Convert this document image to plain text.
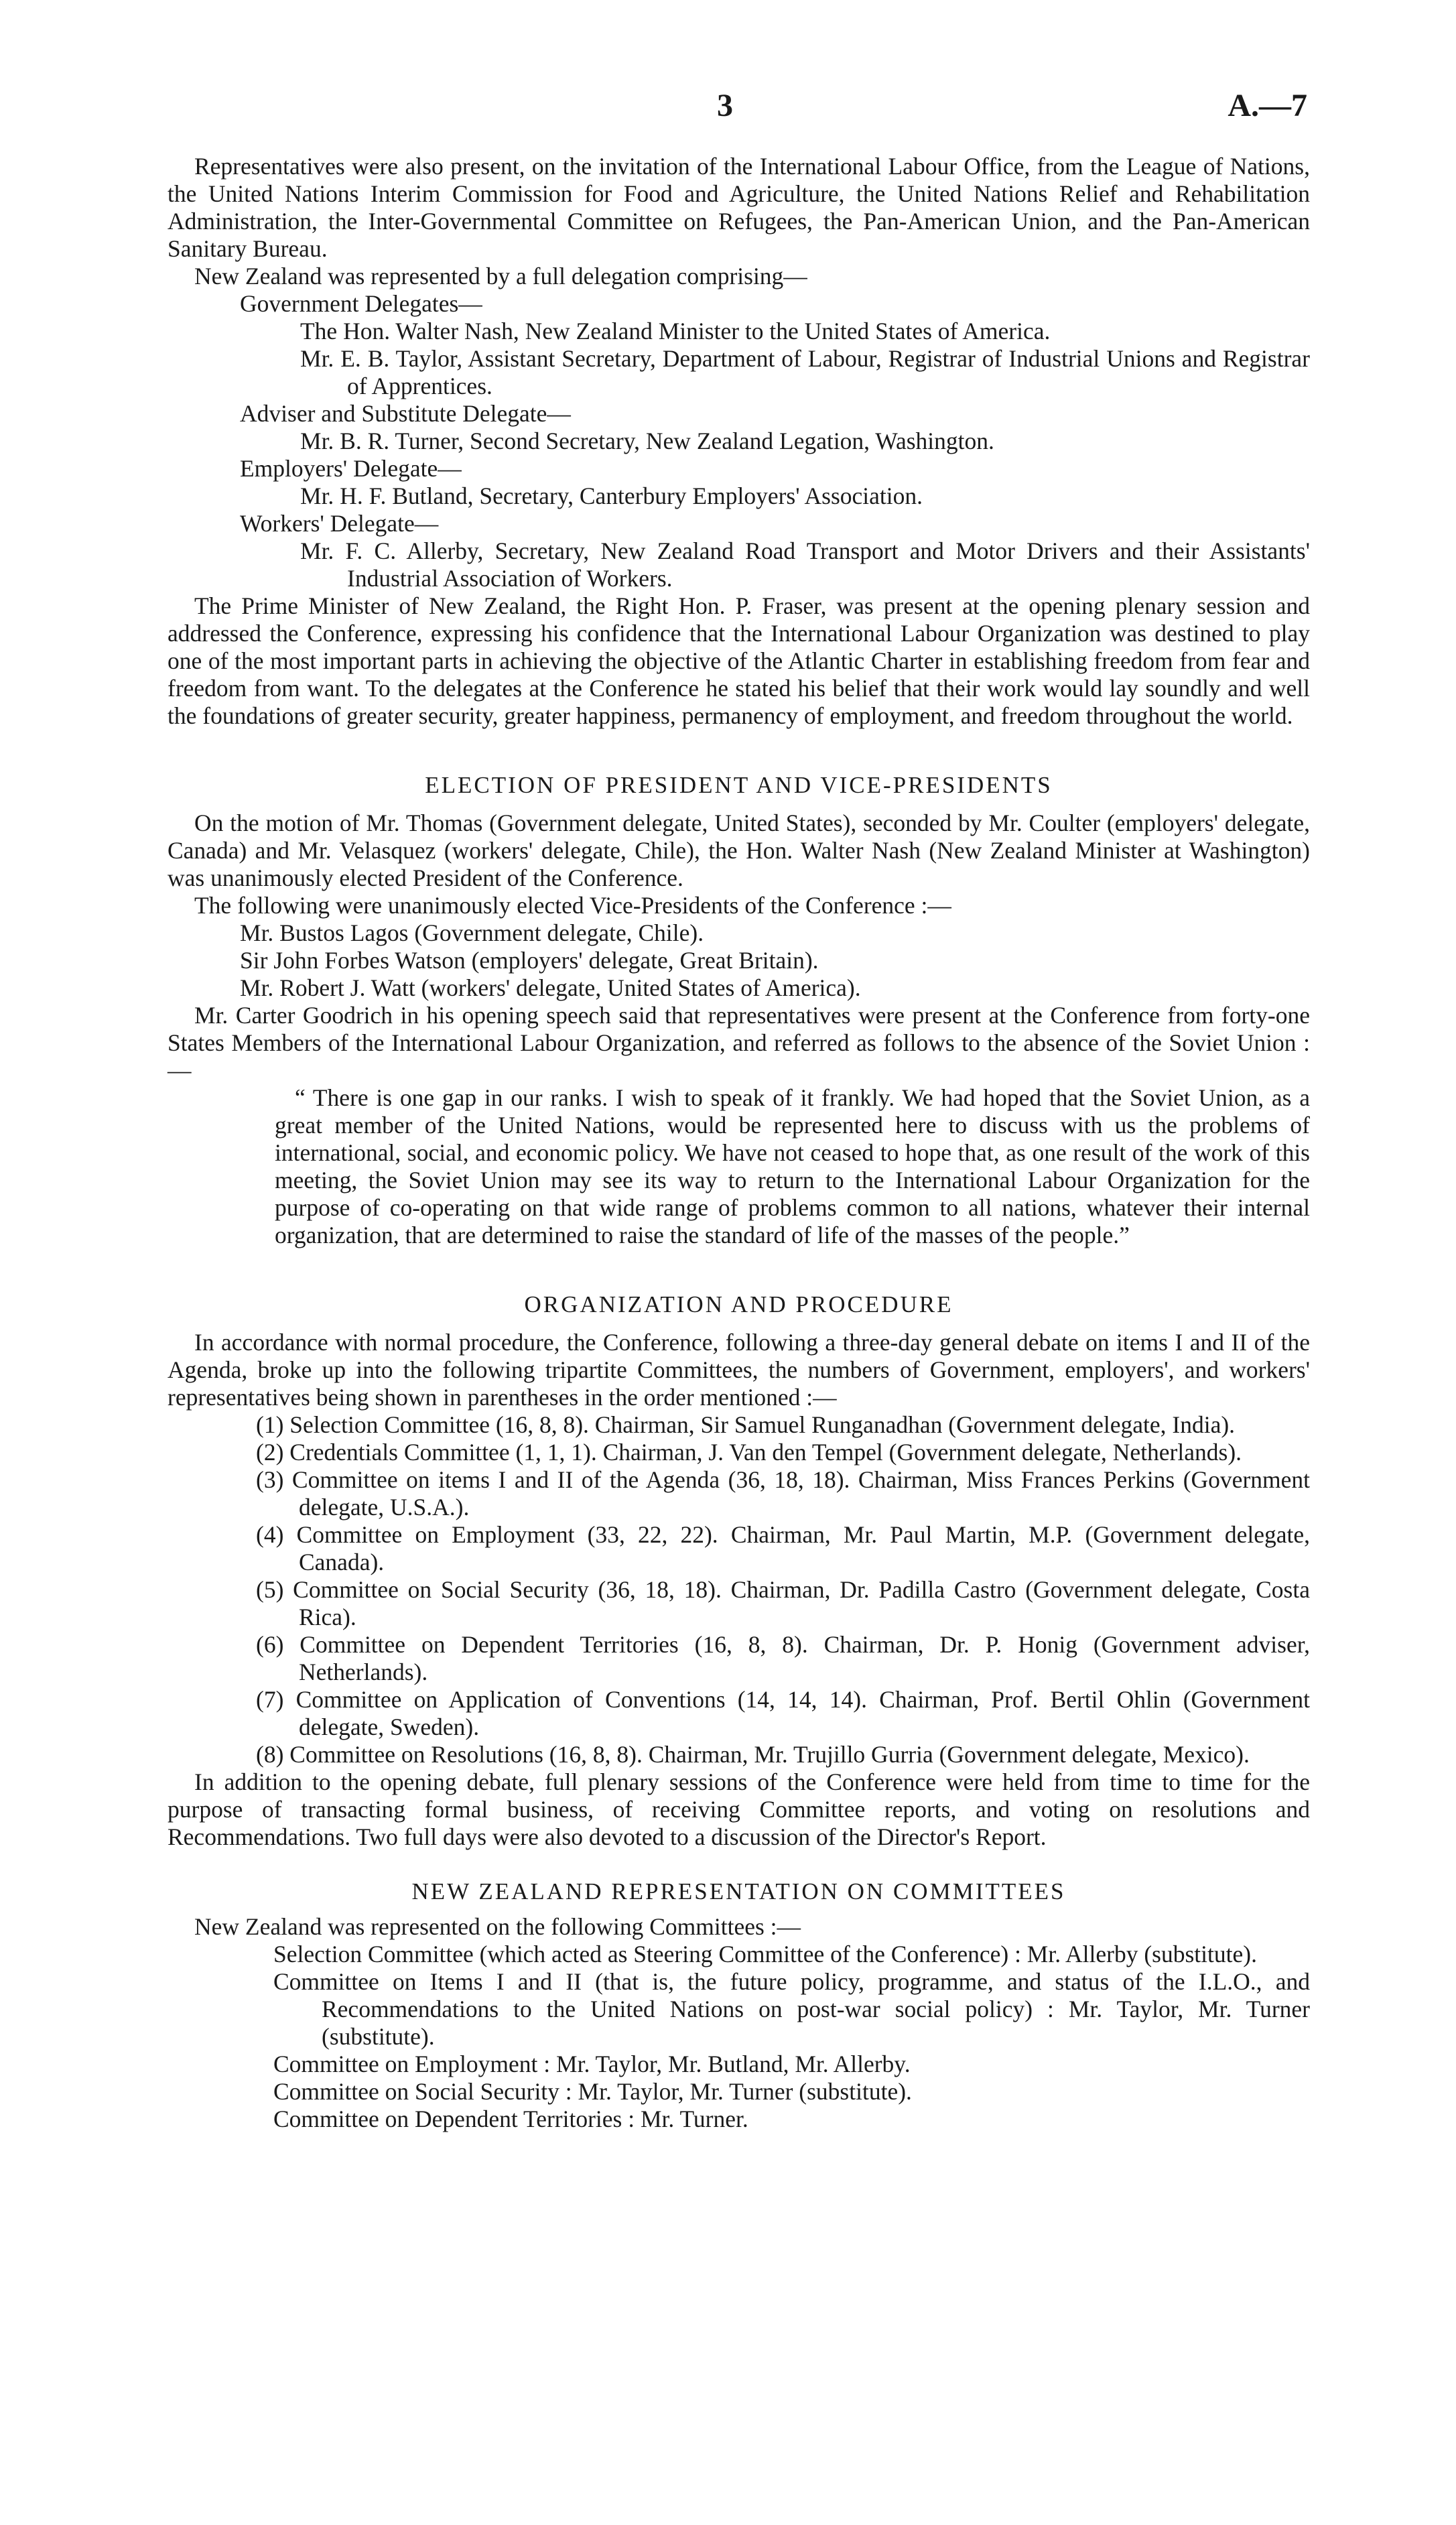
3	A.—7

Representatives were also present, on the invitation of the International Labour Office, from the League of Nations, the United Nations Interim Commission for Food and Agriculture, the United Nations Relief and Rehabilitation Administration, the Inter-Governmental Committee on Refugees, the Pan-American Union, and the Pan-American Sanitary Bureau.

New Zealand was represented by a full delegation comprising—

Government Delegates—

The Hon. Walter Nash, New Zealand Minister to the United States of America.

Mr. E. B. Taylor, Assistant Secretary, Department of Labour, Registrar of Industrial Unions and Registrar of Apprentices.

Adviser and Substitute Delegate—

Mr. B. R. Turner, Second Secretary, New Zealand Legation, Washington.

Employers' Delegate—

Mr. H. F. Butland, Secretary, Canterbury Employers' Association.

Workers' Delegate—

Mr. F. C. Allerby, Secretary, New Zealand Road Transport and Motor Drivers and their Assistants' Industrial Association of Workers.

The Prime Minister of New Zealand, the Right Hon. P. Fraser, was present at the opening plenary session and addressed the Conference, expressing his confidence that the International Labour Organization was destined to play one of the most important parts in achieving the objective of the Atlantic Charter in establishing freedom from fear and freedom from want. To the delegates at the Conference he stated his belief that their work would lay soundly and well the foundations of greater security, greater happiness, permanency of employment, and freedom throughout the world.

ELECTION OF PRESIDENT AND VICE-PRESIDENTS

On the motion of Mr. Thomas (Government delegate, United States), seconded by Mr. Coulter (employers' delegate, Canada) and Mr. Velasquez (workers' delegate, Chile), the Hon. Walter Nash (New Zealand Minister at Washington) was unanimously elected President of the Conference.

The following were unanimously elected Vice-Presidents of the Conference :—

Mr. Bustos Lagos (Government delegate, Chile).

Sir John Forbes Watson (employers' delegate, Great Britain).

Mr. Robert J. Watt (workers' delegate, United States of America).

Mr. Carter Goodrich in his opening speech said that representatives were present at the Conference from forty-one States Members of the International Labour Organization, and referred as follows to the absence of the Soviet Union :—

“ There is one gap in our ranks. I wish to speak of it frankly. We had hoped that the Soviet Union, as a great member of the United Nations, would be represented here to discuss with us the problems of international, social, and economic policy. We have not ceased to hope that, as one result of the work of this meeting, the Soviet Union may see its way to return to the International Labour Organization for the purpose of co-operating on that wide range of problems common to all nations, whatever their internal organization, that are determined to raise the standard of life of the masses of the people.”

ORGANIZATION AND PROCEDURE

In accordance with normal procedure, the Conference, following a three-day general debate on items I and II of the Agenda, broke up into the following tripartite Committees, the numbers of Government, employers', and workers' representatives being shown in parentheses in the order mentioned :—

(1) Selection Committee (16, 8, 8). Chairman, Sir Samuel Runganadhan (Government delegate, India).

(2) Credentials Committee (1, 1, 1). Chairman, J. Van den Tempel (Government delegate, Netherlands).

(3) Committee on items I and II of the Agenda (36, 18, 18). Chairman, Miss Frances Perkins (Government delegate, U.S.A.).

(4) Committee on Employment (33, 22, 22). Chairman, Mr. Paul Martin, M.P. (Government delegate, Canada).

(5) Committee on Social Security (36, 18, 18). Chairman, Dr. Padilla Castro (Government delegate, Costa Rica).

(6) Committee on Dependent Territories (16, 8, 8). Chairman, Dr. P. Honig (Government adviser, Netherlands).

(7) Committee on Application of Conventions (14, 14, 14). Chairman, Prof. Bertil Ohlin (Government delegate, Sweden).

(8) Committee on Resolutions (16, 8, 8). Chairman, Mr. Trujillo Gurria (Government delegate, Mexico).

In addition to the opening debate, full plenary sessions of the Conference were held from time to time for the purpose of transacting formal business, of receiving Committee reports, and voting on resolutions and Recommendations. Two full days were also devoted to a discussion of the Director's Report.

NEW ZEALAND REPRESENTATION ON COMMITTEES

New Zealand was represented on the following Committees :—

Selection Committee (which acted as Steering Committee of the Conference) : Mr. Allerby (substitute).

Committee on Items I and II (that is, the future policy, programme, and status of the I.L.O., and Recommendations to the United Nations on post-war social policy) : Mr. Taylor, Mr. Turner (substitute).

Committee on Employment : Mr. Taylor, Mr. Butland, Mr. Allerby.

Committee on Social Security : Mr. Taylor, Mr. Turner (substitute).

Committee on Dependent Territories : Mr. Turner.
